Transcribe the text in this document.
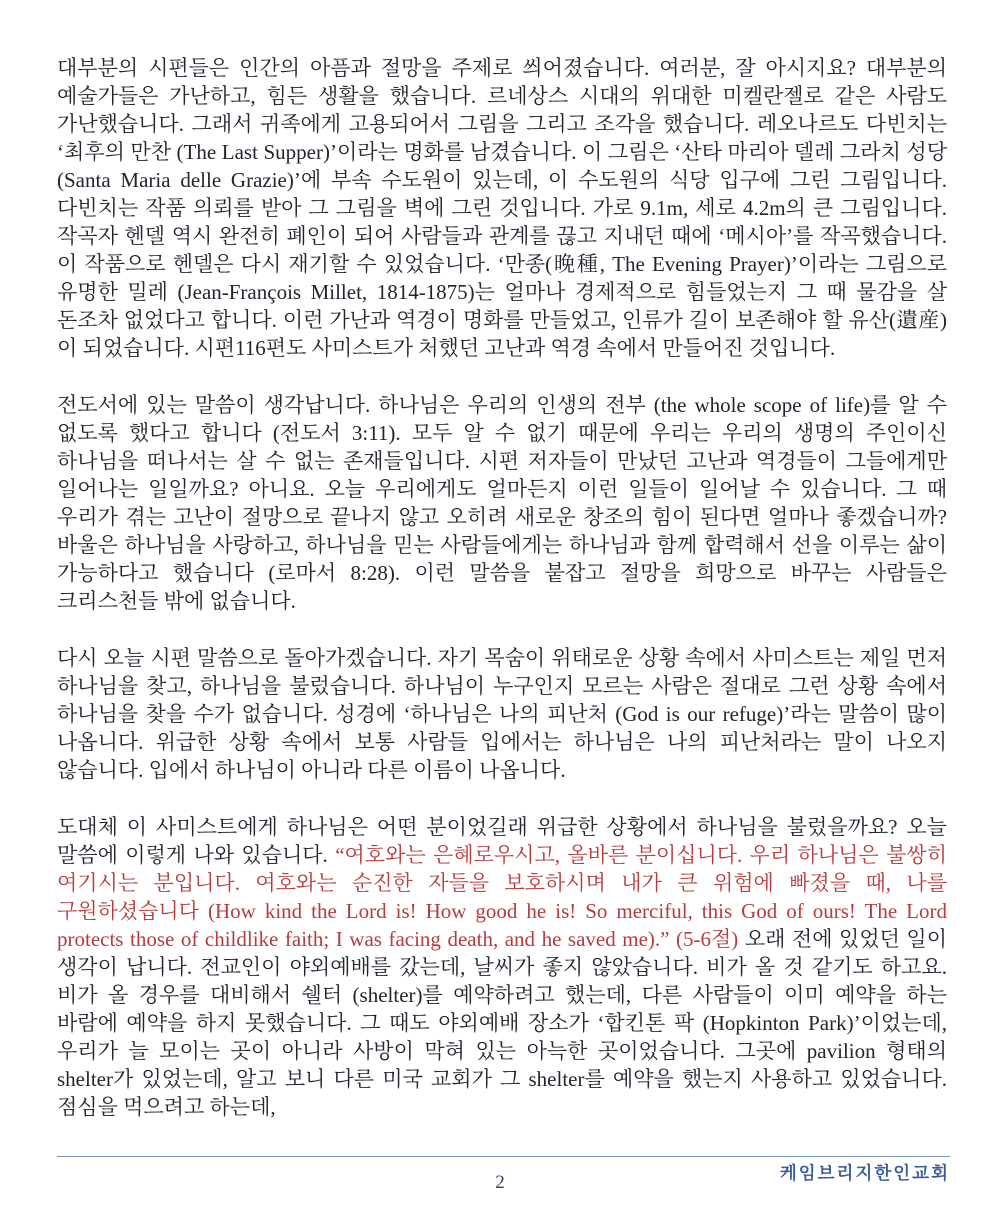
대부분의 시편들은 인간의 아픔과 절망을 주제로 씌어졌습니다. 여러분, 잘 아시지요? 대부분의 예술가들은 가난하고, 힘든 생활을 했습니다. 르네상스 시대의 위대한 미켈란젤로 같은 사람도 가난했습니다. 그래서 귀족에게 고용되어서 그림을 그리고 조각을 했습니다. 레오나르도 다빈치는 ‘최후의 만찬 (The Last Supper)’이라는 명화를 남겼습니다. 이 그림은 ‘산타 마리아 델레 그라치 성당 (Santa Maria delle Grazie)’에 부속 수도원이 있는데, 이 수도원의 식당 입구에 그린 그림입니다. 다빈치는 작품 의뢰를 받아 그 그림을 벽에 그린 것입니다. 가로 9.1m, 세로 4.2m의 큰 그림입니다. 작곡자 헨델 역시 완전히 폐인이 되어 사람들과 관계를 끊고 지내던 때에 ‘메시아’를 작곡했습니다. 이 작품으로 헨델은 다시 재기할 수 있었습니다. ‘만종(晚種, The Evening Prayer)’이라는 그림으로 유명한 밀레 (Jean-François Millet, 1814-1875)는 얼마나 경제적으로 힘들었는지 그 때 물감을 살 돈조차 없었다고 합니다. 이런 가난과 역경이 명화를 만들었고, 인류가 길이 보존해야 할 유산(遺産)이 되었습니다. 시편116편도 사미스트가 처했던 고난과 역경 속에서 만들어진 것입니다.

전도서에 있는 말씀이 생각납니다. 하나님은 우리의 인생의 전부 (the whole scope of life)를 알 수 없도록 했다고 합니다 (전도서 3:11). 모두 알 수 없기 때문에 우리는 우리의 생명의 주인이신 하나님을 떠나서는 살 수 없는 존재들입니다. 시편 저자들이 만났던 고난과 역경들이 그들에게만 일어나는 일일까요? 아니요. 오늘 우리에게도 얼마든지 이런 일들이 일어날 수 있습니다. 그 때 우리가 겪는 고난이 절망으로 끝나지 않고 오히려 새로운 창조의 힘이 된다면 얼마나 좋겠습니까? 바울은 하나님을 사랑하고, 하나님을 믿는 사람들에게는 하나님과 함께 합력해서 선을 이루는 삶이 가능하다고 했습니다 (로마서 8:28). 이런 말씀을 붙잡고 절망을 희망으로 바꾸는 사람들은 크리스천들 밖에 없습니다.

다시 오늘 시편 말씀으로 돌아가겠습니다. 자기 목숨이 위태로운 상황 속에서 사미스트는 제일 먼저 하나님을 찾고, 하나님을 불렀습니다. 하나님이 누구인지 모르는 사람은 절대로 그런 상황 속에서 하나님을 찾을 수가 없습니다. 성경에 ‘하나님은 나의 피난처 (God is our refuge)’라는 말씀이 많이 나옵니다. 위급한 상황 속에서 보통 사람들 입에서는 하나님은 나의 피난처라는 말이 나오지 않습니다. 입에서 하나님이 아니라 다른 이름이 나옵니다.

도대체 이 사미스트에게 하나님은 어떤 분이었길래 위급한 상황에서 하나님을 불렀을까요? 오늘 말씀에 이렇게 나와 있습니다. “여호와는 은혜로우시고, 올바른 분이십니다. 우리 하나님은 불쌍히 여기시는 분입니다. 여호와는 순진한 자들을 보호하시며 내가 큰 위험에 빠졌을 때, 나를 구원하셨습니다 (How kind the Lord is! How good he is! So merciful, this God of ours! The Lord protects those of childlike faith; I was facing death, and he saved me).” (5-6절) 오래 전에 있었던 일이 생각이 납니다. 전교인이 야외예배를 갔는데, 날씨가 좋지 않았습니다. 비가 올 것 같기도 하고요. 비가 올 경우를 대비해서 쉘터 (shelter)를 예약하려고 했는데, 다른 사람들이 이미 예약을 하는 바람에 예약을 하지 못했습니다. 그 때도 야외예배 장소가 ‘합킨톤 팍 (Hopkinton Park)’이었는데, 우리가 늘 모이는 곳이 아니라 사방이 막혀 있는 아늑한 곳이었습니다. 그곳에 pavilion 형태의 shelter가 있었는데, 알고 보니 다른 미국 교회가 그 shelter를 예약을 했는지 사용하고 있었습니다. 점심을 먹으려고 하는데,

케임브리지한인교회
2
